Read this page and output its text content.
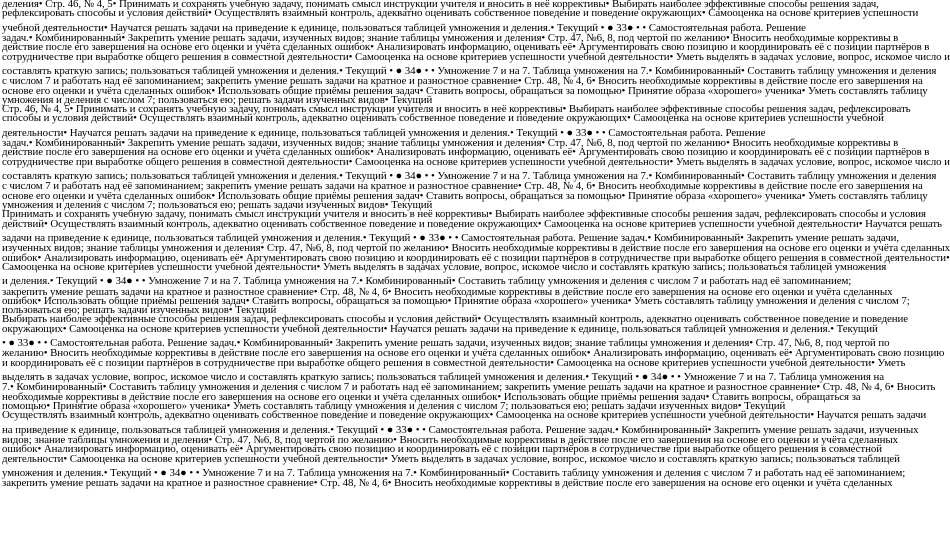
деления• Стр. 46, № 4, 5• Принимать и сохранять учебную задачу, понимать смысл инструкции учителя и вносить в неё коррективы• Выбирать наиболее эффективные способы решения задач,
рефлексировать способы и условия действий• Осуществлять взаимный контроль, адекватно оценивать собственное поведение и поведение окружающих• Самооценка на основе критериев успешности
учебной деятельности• Научатся решать задачи на приведение к единице, пользоваться таблицей умножения и деления.• Текущий • ● 33● • • Самостоятельная работа. Решение
задач.• Комбинированный• Закрепить умение решать задачи, изученных видов; знание таблицы умножения и деления• Стр. 47, №6, 8, под чертой по желанию• Вносить необходимые коррективы в
действие после его завершения на основе его оценки и учёта сделанных ошибок• Анализировать информацию, оценивать её• Аргументировать свою позицию и координировать её с позиции партнёров в
сотрудничестве при выработке общего решения в совместной деятельности• Самооценка на основе критериев успешности учебной деятельности• Уметь выделять в задачах условие, вопрос, искомое число и
составлять краткую запись; пользоваться таблицей умножения и деления.• Текущий • ● 34● • • Умножение 7 и на 7. Таблица умножения на 7.• Комбинированный• Составить таблицу умножения и деления
с числом 7 и работать над её запоминанием; закрепить умение решать задачи на кратное и разностное сравнение• Стр. 48, № 4, 6• Вносить необходимые коррективы в действие после его завершения на
основе его оценки и учёта сделанных ошибок• Использовать общие приёмы решения задач• Ставить вопросы, обращаться за помощью• Принятие образа «хорошего» ученика• Уметь составлять таблицу
умножения и деления с числом 7; пользоваться ею; решать задачи изученных видов• Текущий
Стр. 46, № 4, 5• Принимать и сохранять учебную задачу, понимать смысл инструкции учителя и вносить в неё коррективы• Выбирать наиболее эффективные способы решения задач, рефлексировать
способы и условия действий• Осуществлять взаимный контроль, адекватно оценивать собственное поведение и поведение окружающих• Самооценка на основе критериев успешности учебной
деятельности• Научатся решать задачи на приведение к единице, пользоваться таблицей умножения и деления.• Текущий • ● 33● • • Самостоятельная работа. Решение
задач.• Комбинированный• Закрепить умение решать задачи, изученных видов; знание таблицы умножения и деления• Стр. 47, №6, 8, под чертой по желанию• Вносить необходимые коррективы в
действие после его завершения на основе его оценки и учёта сделанных ошибок• Анализировать информацию, оценивать её• Аргументировать свою позицию и координировать её с позиции партнёров в
сотрудничестве при выработке общего решения в совместной деятельности• Самооценка на основе критериев успешности учебной деятельности• Уметь выделять в задачах условие, вопрос, искомое число и
составлять краткую запись; пользоваться таблицей умножения и деления.• Текущий • ● 34● • • Умножение 7 и на 7. Таблица умножения на 7.• Комбинированный• Составить таблицу умножения и деления
с числом 7 и работать над её запоминанием; закрепить умение решать задачи на кратное и разностное сравнение• Стр. 48, № 4, 6• Вносить необходимые коррективы в действие после его завершения на
основе его оценки и учёта сделанных ошибок• Использовать общие приёмы решения задач• Ставить вопросы, обращаться за помощью• Принятие образа «хорошего» ученика• Уметь составлять таблицу
умножения и деления с числом 7; пользоваться ею; решать задачи изученных видов• Текущий
Принимать и сохранять учебную задачу, понимать смысл инструкции учителя и вносить в неё коррективы• Выбирать наиболее эффективные способы решения задач, рефлексировать способы и условия
действий• Осуществлять взаимный контроль, адекватно оценивать собственное поведение и поведение окружающих• Самооценка на основе критериев успешности учебной деятельности• Научатся решать
задачи на приведение к единице, пользоваться таблицей умножения и деления.• Текущий • ● 33● • • Самостоятельная работа. Решение задач.• Комбинированный• Закрепить умение решать задачи,
изученных видов; знание таблицы умножения и деления• Стр. 47, №6, 8, под чертой по желанию• Вносить необходимые коррективы в действие после его завершения на основе его оценки и учёта сделанных
ошибок• Анализировать информацию, оценивать её• Аргументировать свою позицию и координировать её с позиции партнёров в сотрудничестве при выработке общего решения в совместной деятельности•
Самооценка на основе критериев успешности учебной деятельности• Уметь выделять в задачах условие, вопрос, искомое число и составлять краткую запись; пользоваться таблицей умножения
и деления.• Текущий • ● 34● • • Умножение 7 и на 7. Таблица умножения на 7.• Комбинированный• Составить таблицу умножения и деления с числом 7 и работать над её запоминанием;
закрепить умение решать задачи на кратное и разностное сравнение• Стр. 48, № 4, 6• Вносить необходимые коррективы в действие после его завершения на основе его оценки и учёта сделанных
ошибок• Использовать общие приёмы решения задач• Ставить вопросы, обращаться за помощью• Принятие образа «хорошего» ученика• Уметь составлять таблицу умножения и деления с числом 7;
пользоваться ею; решать задачи изученных видов• Текущий
Выбирать наиболее эффективные способы решения задач, рефлексировать способы и условия действий• Осуществлять взаимный контроль, адекватно оценивать собственное поведение и поведение
окружающих• Самооценка на основе критериев успешности учебной деятельности• Научатся решать задачи на приведение к единице, пользоваться таблицей умножения и деления.• Текущий
• ● 33● • • Самостоятельная работа. Решение задач.• Комбинированный• Закрепить умение решать задачи, изученных видов; знание таблицы умножения и деления• Стр. 47, №6, 8, под чертой по
желанию• Вносить необходимые коррективы в действие после его завершения на основе его оценки и учёта сделанных ошибок• Анализировать информацию, оценивать её• Аргументировать свою позицию
и координировать её с позиции партнёров в сотрудничестве при выработке общего решения в совместной деятельности• Самооценка на основе критериев успешности учебной деятельности• Уметь
выделять в задачах условие, вопрос, искомое число и составлять краткую запись; пользоваться таблицей умножения и деления.• Текущий • ● 34● • • Умножение 7 и на 7. Таблица умножения на
7.• Комбинированный• Составить таблицу умножения и деления с числом 7 и работать над её запоминанием; закрепить умение решать задачи на кратное и разностное сравнение• Стр. 48, № 4, 6• Вносить
необходимые коррективы в действие после его завершения на основе его оценки и учёта сделанных ошибок• Использовать общие приёмы решения задач• Ставить вопросы, обращаться за
помощью• Принятие образа «хорошего» ученика• Уметь составлять таблицу умножения и деления с числом 7; пользоваться ею; решать задачи изученных видов• Текущий
Осуществлять взаимный контроль, адекватно оценивать собственное поведение и поведение окружающих• Самооценка на основе критериев успешности учебной деятельности• Научатся решать задачи
на приведение к единице, пользоваться таблицей умножения и деления.• Текущий • ● 33● • • Самостоятельная работа. Решение задач.• Комбинированный• Закрепить умение решать задачи, изученных
видов; знание таблицы умножения и деления• Стр. 47, №6, 8, под чертой по желанию• Вносить необходимые коррективы в действие после его завершения на основе его оценки и учёта сделанных
ошибок• Анализировать информацию, оценивать её• Аргументировать свою позицию и координировать её с позиции партнёров в сотрудничестве при выработке общего решения в совместной
деятельности• Самооценка на основе критериев успешности учебной деятельности• Уметь выделять в задачах условие, вопрос, искомое число и составлять краткую запись; пользоваться таблицей
умножения и деления.• Текущий • ● 34● • • Умножение 7 и на 7. Таблица умножения на 7.• Комбинированный• Составить таблицу умножения и деления с числом 7 и работать над её запоминанием;
закрепить умение решать задачи на кратное и разностное сравнение• Стр. 48, № 4, 6• Вносить необходимые коррективы в действие после его завершения на основе его оценки и учёта сделанных
